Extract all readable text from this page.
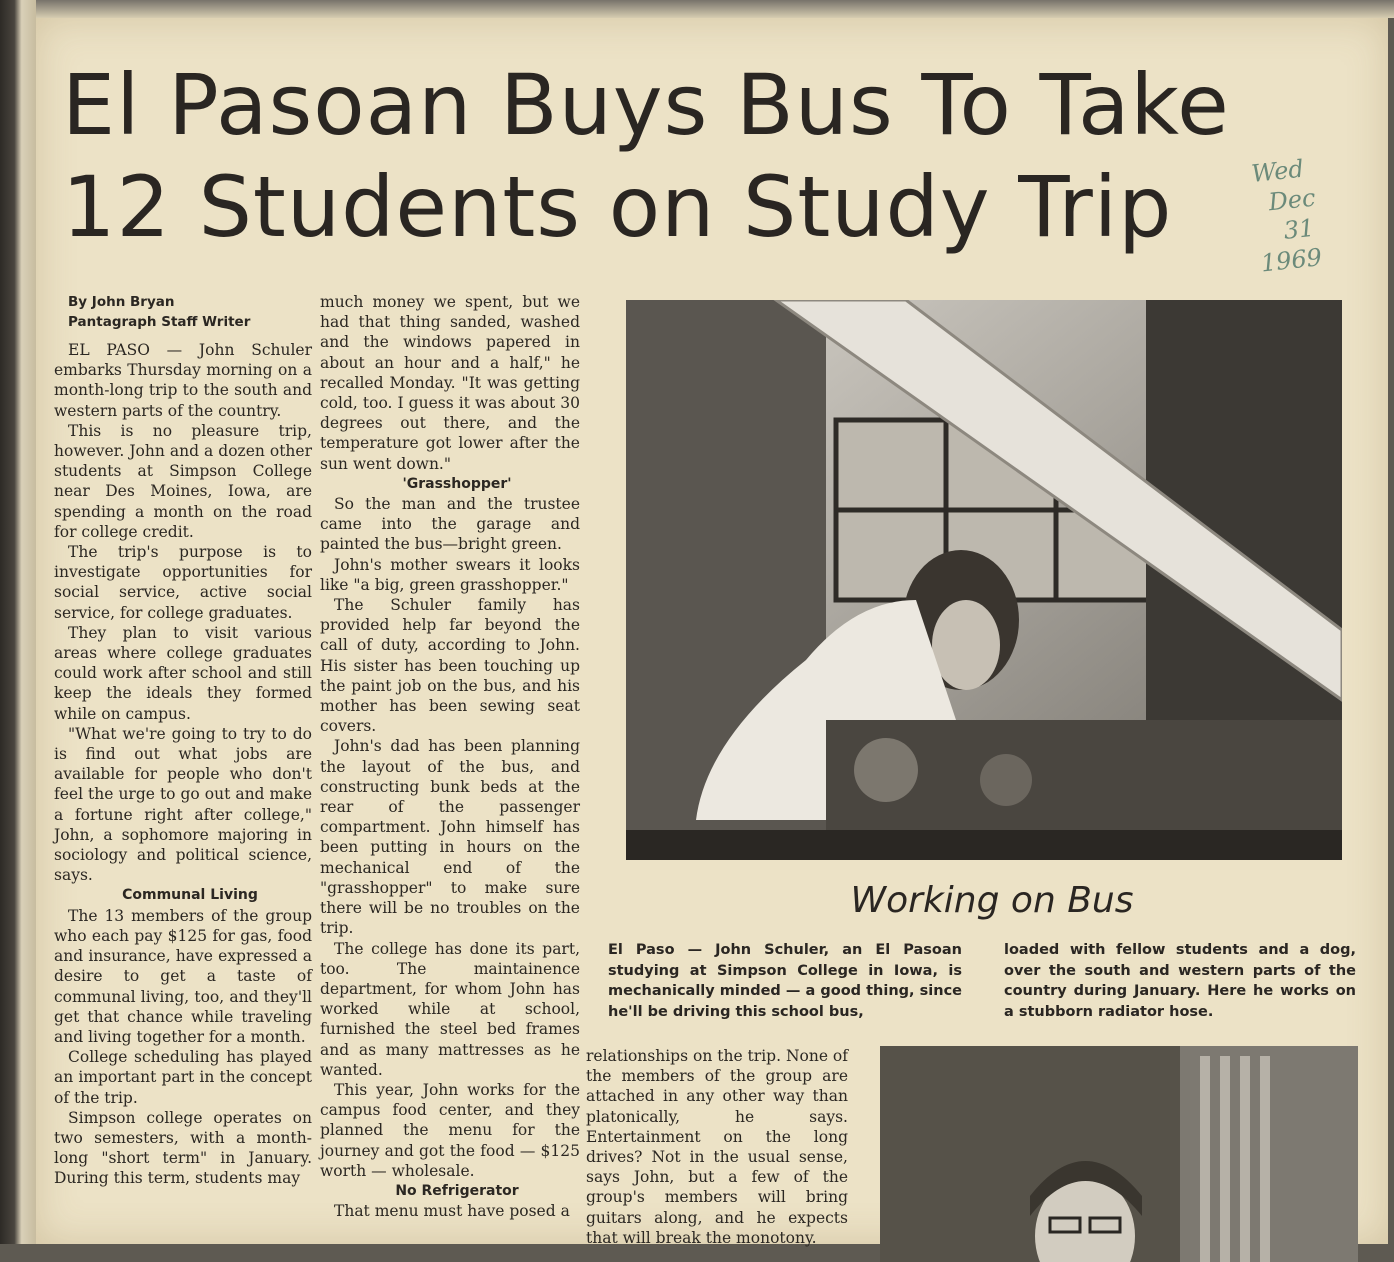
El Pasoan Buys Bus To Take
12 Students on Study Trip	Wed
Dec
31
1969

By John Bryan

Pantagraph Staff Writer

EL PASO — John Schuler embarks Thursday morning on a month-long trip to the south and western parts of the country.

This is no pleasure trip, however. John and a dozen other students at Simpson College near Des Moines, Iowa, are spending a month on the road for college credit.

The trip's purpose is to investigate opportunities for social service, active social service, for college graduates.

They plan to visit various areas where college graduates could work after school and still keep the ideals they formed while on campus.

"What we're going to try to do is find out what jobs are available for people who don't feel the urge to go out and make a fortune right after college," John, a sophomore majoring in sociology and political science, says.

Communal Living

The 13 members of the group who each pay $125 for gas, food and insurance, have expressed a desire to get a taste of communal living, too, and they'll get that chance while traveling and living together for a month.

College scheduling has played an important part in the concept of the trip.

Simpson college operates on two semesters, with a month-long "short term" in January. During this term, students may

much money we spent, but we had that thing sanded, washed and the windows papered in about an hour and a half," he recalled Monday. "It was getting cold, too. I guess it was about 30 degrees out there, and the temperature got lower after the sun went down."

'Grasshopper'

So the man and the trustee came into the garage and painted the bus—bright green.

John's mother swears it looks like "a big, green grasshopper."

The Schuler family has provided help far beyond the call of duty, according to John. His sister has been touching up the paint job on the bus, and his mother has been sewing seat covers.

John's dad has been planning the layout of the bus, and constructing bunk beds at the rear of the passenger compartment. John himself has been putting in hours on the mechanical end of the "grasshopper" to make sure there will be no troubles on the trip.

The college has done its part, too. The maintainence department, for whom John has worked while at school, furnished the steel bed frames and as many mattresses as he wanted.

This year, John works for the campus food center, and they planned the menu for the journey and got the food — $125 worth — wholesale.

No Refrigerator

That menu must have posed a

Working on Bus
El Paso — John Schuler, an El Pasoan studying at Simpson College in Iowa, is mechanically minded — a good thing, since he'll be driving this school bus,
loaded with fellow students and a dog, over the south and western parts of the country during January. Here he works on a stubborn radiator hose.

relationships on the trip. None of the members of the group are attached in any other way than platonically, he says. Entertainment on the long drives? Not in the usual sense, says John, but a few of the group's members will bring guitars along, and he expects that will break the monotony.
